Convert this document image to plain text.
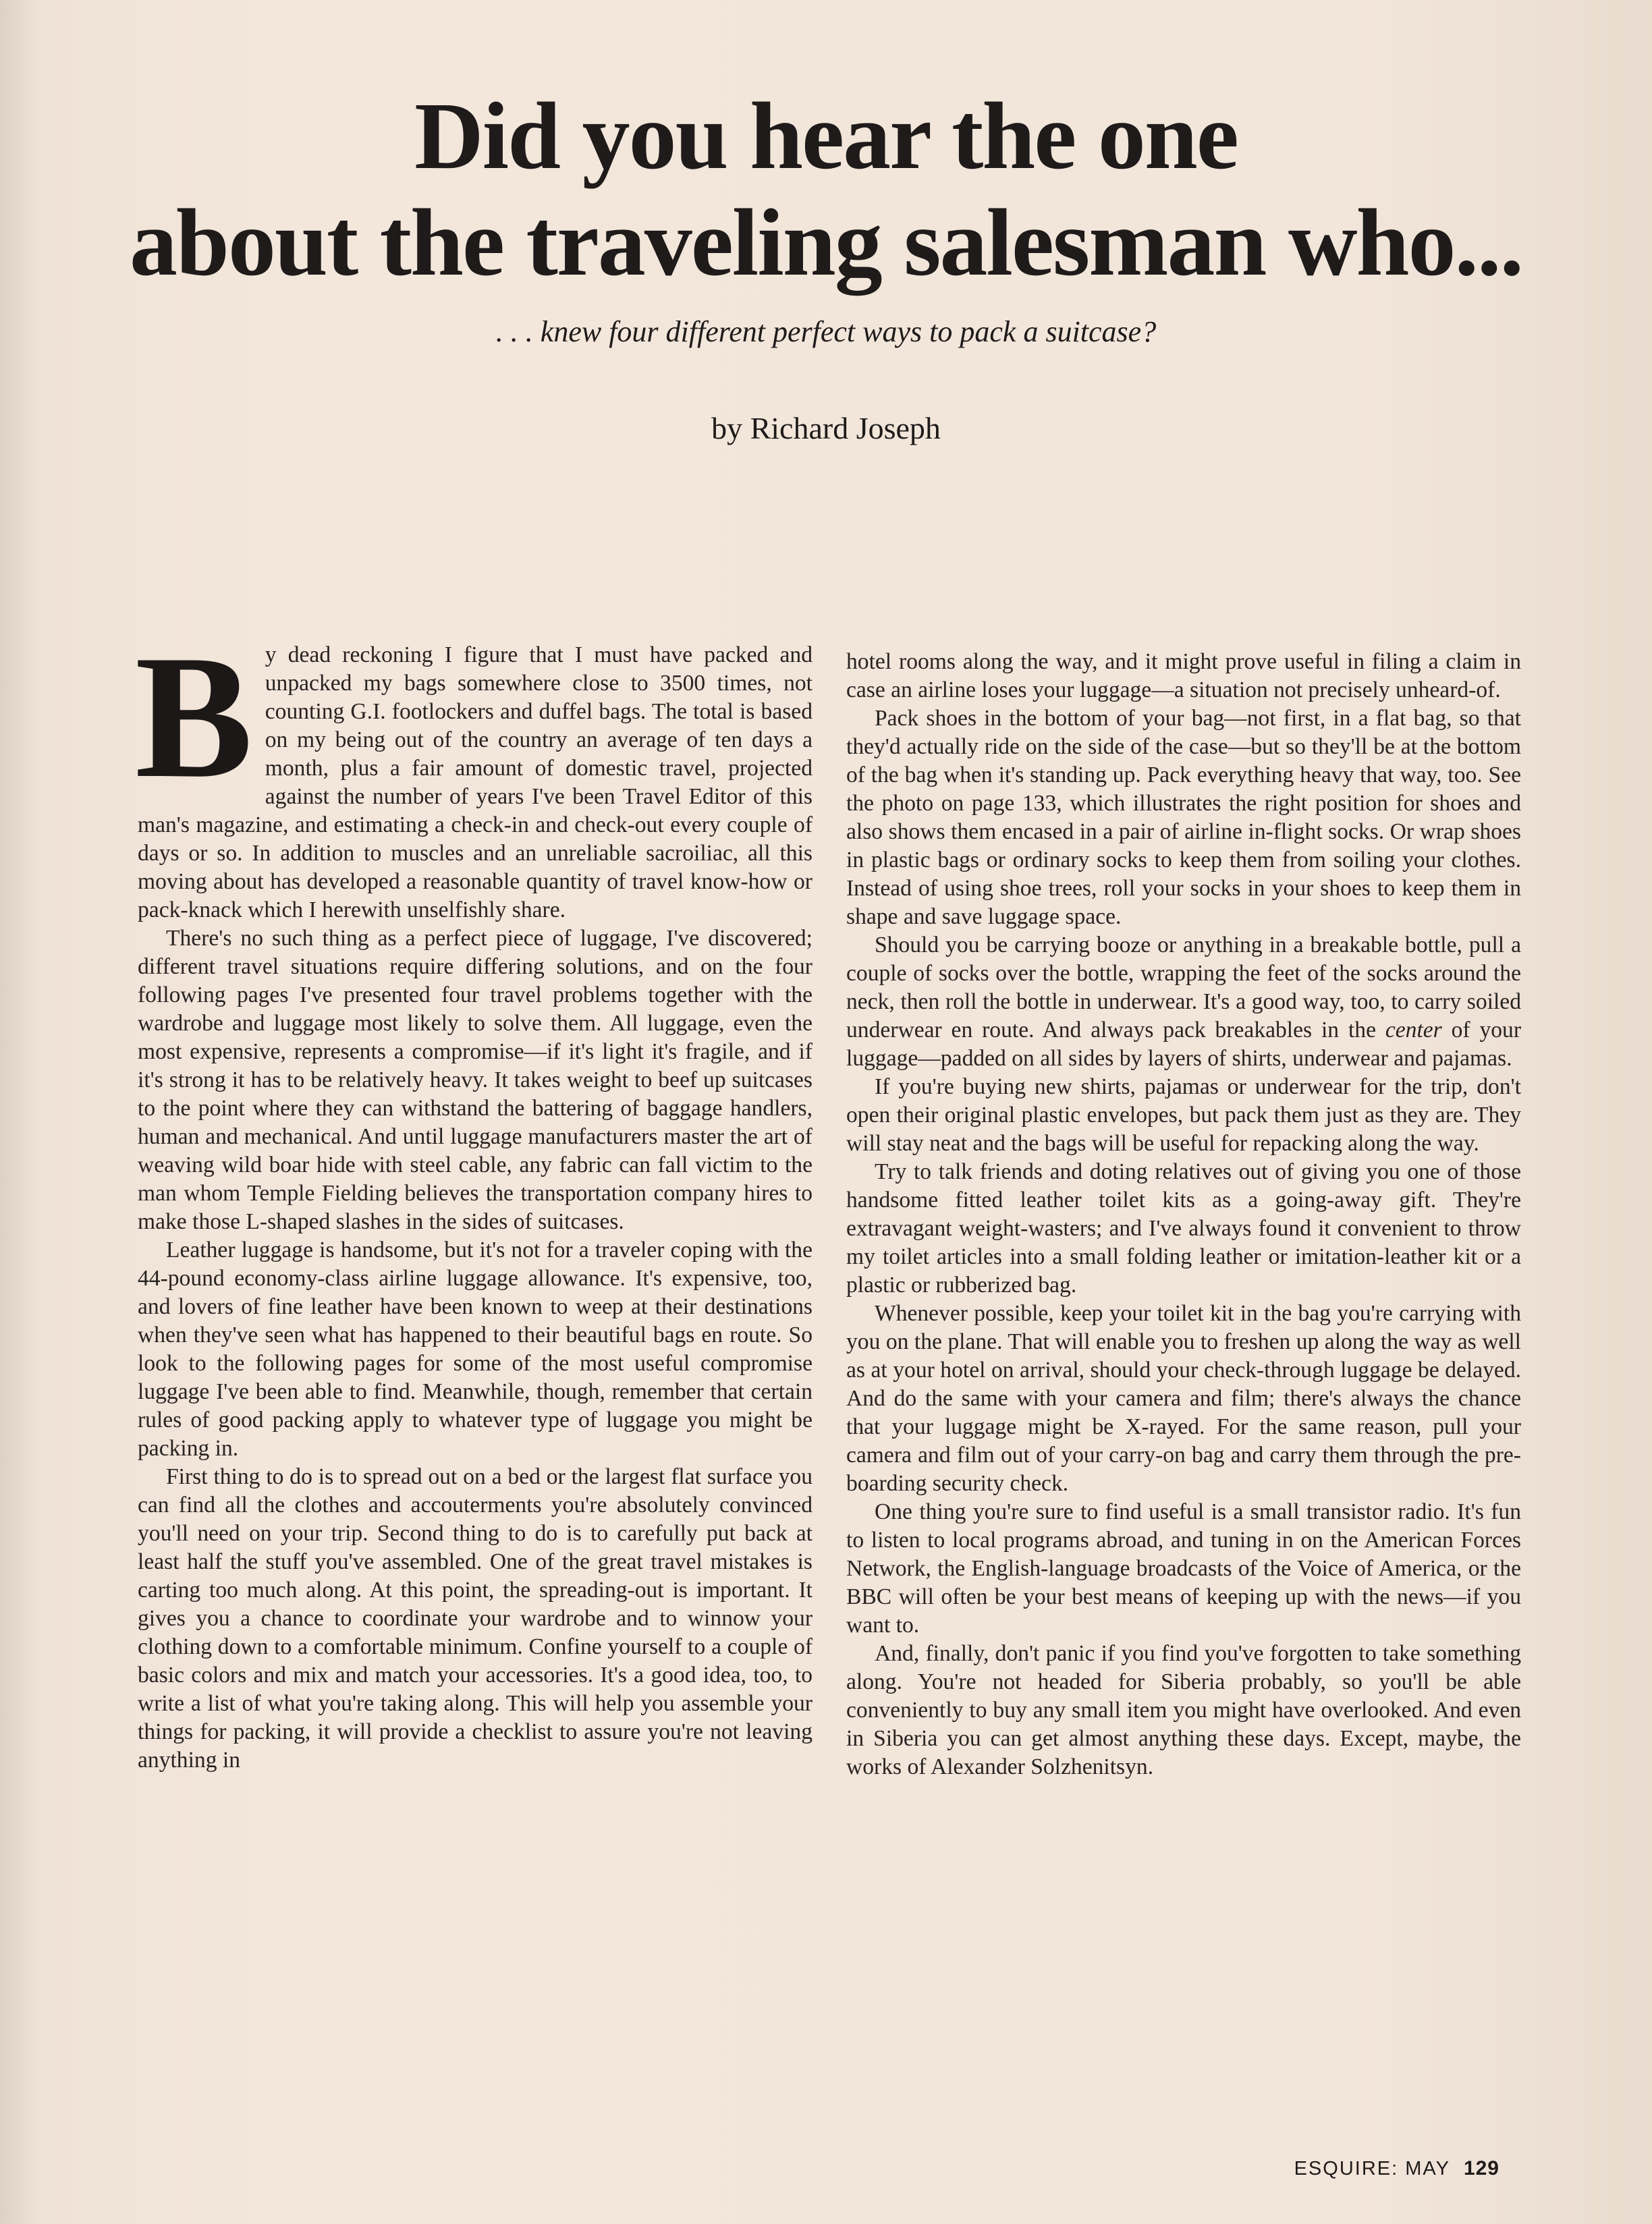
Did you hear the one
about the traveling salesman who...

. . . knew four different perfect ways to pack a suitcase?

by Richard Joseph

By dead reckoning I figure that I must have packed and unpacked my bags somewhere close to 3500 times, not counting G.I. footlockers and duffel bags. The total is based on my being out of the country an average of ten days a month, plus a fair amount of domestic travel, projected against the number of years I've been Travel Editor of this man's magazine, and estimating a check-in and check-out every couple of days or so. In addition to muscles and an unreliable sacroiliac, all this moving about has developed a reasonable quantity of travel know-how or pack-knack which I herewith unselfishly share.

There's no such thing as a perfect piece of luggage, I've discovered; different travel situations require differing solutions, and on the four following pages I've presented four travel problems together with the wardrobe and luggage most likely to solve them. All luggage, even the most expensive, represents a compromise—if it's light it's fragile, and if it's strong it has to be relatively heavy. It takes weight to beef up suitcases to the point where they can withstand the battering of baggage handlers, human and mechanical. And until luggage manufacturers master the art of weaving wild boar hide with steel cable, any fabric can fall victim to the man whom Temple Fielding believes the transportation company hires to make those L-shaped slashes in the sides of suitcases.

Leather luggage is handsome, but it's not for a traveler coping with the 44-pound economy-class airline luggage allowance. It's expensive, too, and lovers of fine leather have been known to weep at their destinations when they've seen what has happened to their beautiful bags en route. So look to the following pages for some of the most useful compromise luggage I've been able to find. Meanwhile, though, remember that certain rules of good packing apply to whatever type of luggage you might be packing in.

First thing to do is to spread out on a bed or the largest flat surface you can find all the clothes and accouterments you're absolutely convinced you'll need on your trip. Second thing to do is to carefully put back at least half the stuff you've assembled. One of the great travel mistakes is carting too much along. At this point, the spreading-out is important. It gives you a chance to coordinate your wardrobe and to winnow your clothing down to a comfortable minimum. Confine yourself to a couple of basic colors and mix and match your accessories. It's a good idea, too, to write a list of what you're taking along. This will help you assemble your things for packing, it will provide a checklist to assure you're not leaving anything in

hotel rooms along the way, and it might prove useful in filing a claim in case an airline loses your luggage—a situation not precisely unheard-of.

Pack shoes in the bottom of your bag—not first, in a flat bag, so that they'd actually ride on the side of the case—but so they'll be at the bottom of the bag when it's standing up. Pack everything heavy that way, too. See the photo on page 133, which illustrates the right position for shoes and also shows them encased in a pair of airline in-flight socks. Or wrap shoes in plastic bags or ordinary socks to keep them from soiling your clothes. Instead of using shoe trees, roll your socks in your shoes to keep them in shape and save luggage space.

Should you be carrying booze or anything in a breakable bottle, pull a couple of socks over the bottle, wrapping the feet of the socks around the neck, then roll the bottle in underwear. It's a good way, too, to carry soiled underwear en route. And always pack breakables in the center of your luggage—padded on all sides by layers of shirts, underwear and pajamas.

If you're buying new shirts, pajamas or underwear for the trip, don't open their original plastic envelopes, but pack them just as they are. They will stay neat and the bags will be useful for repacking along the way.

Try to talk friends and doting relatives out of giving you one of those handsome fitted leather toilet kits as a going-away gift. They're extravagant weight-wasters; and I've always found it convenient to throw my toilet articles into a small folding leather or imitation-leather kit or a plastic or rubberized bag.

Whenever possible, keep your toilet kit in the bag you're carrying with you on the plane. That will enable you to freshen up along the way as well as at your hotel on arrival, should your check-through luggage be delayed. And do the same with your camera and film; there's always the chance that your luggage might be X-rayed. For the same reason, pull your camera and film out of your carry-on bag and carry them through the pre-boarding security check.

One thing you're sure to find useful is a small transistor radio. It's fun to listen to local programs abroad, and tuning in on the American Forces Network, the English-language broadcasts of the Voice of America, or the BBC will often be your best means of keeping up with the news—if you want to.

And, finally, don't panic if you find you've forgotten to take something along. You're not headed for Siberia probably, so you'll be able conveniently to buy any small item you might have overlooked. And even in Siberia you can get almost anything these days. Except, maybe, the works of Alexander Solzhenitsyn.

ESQUIRE: MAY 129
